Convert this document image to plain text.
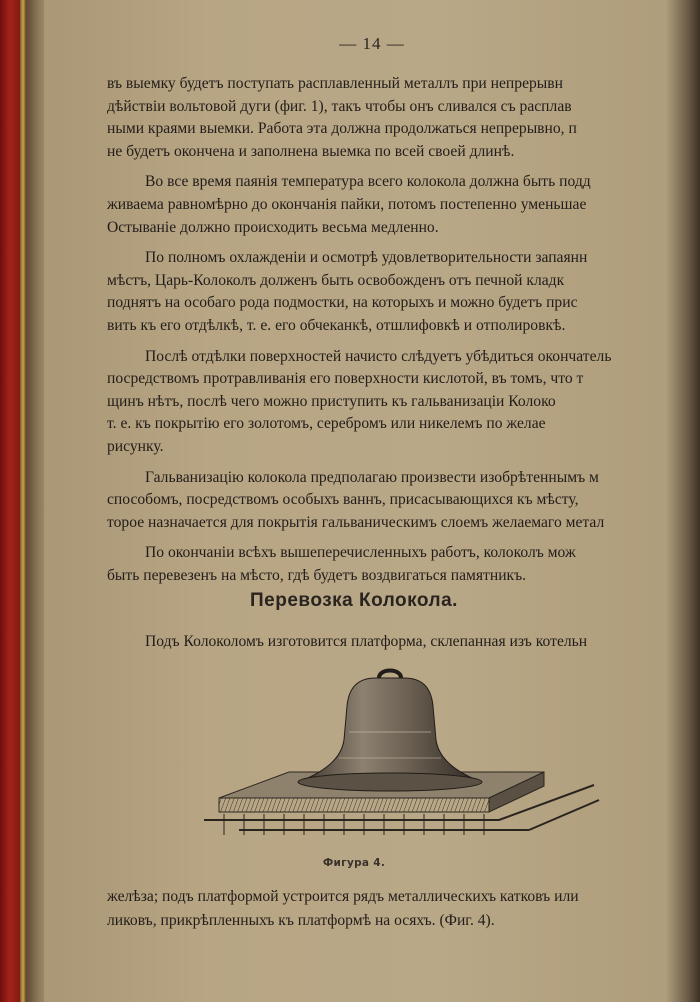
— 14 —
въ выемку будетъ поступать расплавленный металлъ при непрерывн
дѣйствіи вольтовой дуги (фиг. 1), такъ чтобы онъ сливался съ расплав
ными краями выемки. Работа эта должна продолжаться непрерывно, п
не будетъ окончена и заполнена выемка по всей своей длинѣ.
Во все время паянія температура всего колокола должна быть подд
живаема равномѣрно до окончанія пайки, потомъ постепенно уменьшае
Остываніе должно происходить весьма медленно.
По полномъ охлажденіи и осмотрѣ удовлетворительности запаянн
мѣстъ, Царь-Колоколъ долженъ быть освобожденъ отъ печной кладк
поднятъ на особаго рода подмостки, на которыхъ и можно будетъ прис
вить къ его отдѣлкѣ, т. е. его обчеканкѣ, отшлифовкѣ и отполировкѣ.
Послѣ отдѣлки поверхностей начисто слѣдуетъ убѣдиться окончатель
посредствомъ протравливанія его поверхности кислотой, въ томъ, что т
щинъ нѣтъ, послѣ чего можно приступить къ гальванизаціи Колоко
т. е. къ покрытію его золотомъ, серебромъ или никелемъ по желае
рисунку.
Гальванизацію колокола предполагаю произвести изобрѣтеннымъ м
способомъ, посредствомъ особыхъ ваннъ, присасывающихся къ мѣсту,
торое назначается для покрытія гальваническимъ слоемъ желаемаго метал
По окончаніи всѣхъ вышеперечисленныхъ работъ, колоколъ мож
быть перевезенъ на мѣсто, гдѣ будетъ воздвигаться памятникъ.
Перевозка Колокола.
Подъ Колоколомъ изготовится платформа, склепанная изъ котельн
Фигура 4.
желѣза; подъ платформой устроится рядъ металлическихъ катковъ или
ликовъ, прикрѣпленныхъ къ платформѣ на осяхъ. (Фиг. 4).
